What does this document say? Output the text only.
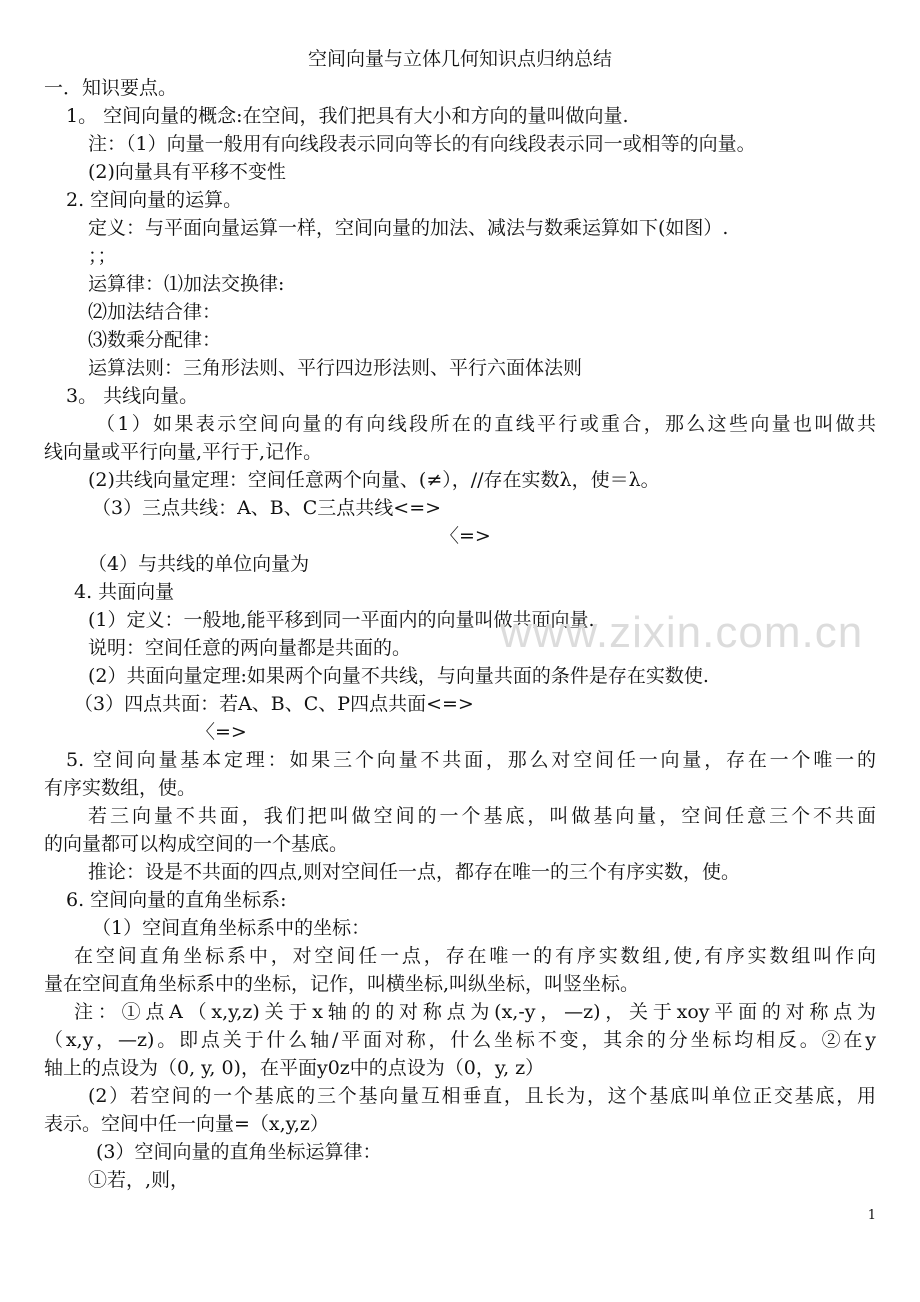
空间向量与立体几何知识点归纳总结
一．知识要点。
1。 空间向量的概念:在空间，我们把具有大小和方向的量叫做向量.
注：（1）向量一般用有向线段表示同向等长的有向线段表示同一或相等的向量。
(2)向量具有平移不变性
2. 空间向量的运算。
定义：与平面向量运算一样，空间向量的加法、减法与数乘运算如下(如图）.
；；
运算律：⑴加法交换律:
⑵加法结合律：
⑶数乘分配律：
运算法则：三角形法则、平行四边形法则、平行六面体法则
3。 共线向量。
（1）如果表示空间向量的有向线段所在的直线平行或重合，那么这些向量也叫做共
线向量或平行向量,平行于,记作。
(2)共线向量定理：空间任意两个向量、(≠），//存在实数λ，使＝λ。
（3）三点共线：A、B、C三点共线<=>
〈=>
（4）与共线的单位向量为
4. 共面向量
(1）定义：一般地,能平移到同一平面内的向量叫做共面向量.
说明：空间任意的两向量都是共面的。
(2）共面向量定理:如果两个向量不共线，与向量共面的条件是存在实数使.
（3）四点共面：若A、B、C、P四点共面<=>
〈=>
5. 空间向量基本定理：如果三个向量不共面，那么对空间任一向量，存在一个唯一的
有序实数组，使。
若三向量不共面，我们把叫做空间的一个基底，叫做基向量，空间任意三个不共面
的向量都可以构成空间的一个基底。
推论：设是不共面的四点,则对空间任一点，都存在唯一的三个有序实数，使。
6. 空间向量的直角坐标系:
（1）空间直角坐标系中的坐标：
在空间直角坐标系中，对空间任一点，存在唯一的有序实数组,使,有序实数组叫作向
量在空间直角坐标系中的坐标，记作，叫横坐标,叫纵坐标，叫竖坐标。
注：①点A（x,y,z)关于x轴的的对称点为(x,-y，—z)，关于xoy平面的对称点为
（x,y，—z)。即点关于什么轴/平面对称，什么坐标不变，其余的分坐标均相反。②在y
轴上的点设为（0, y, 0)，在平面y0z中的点设为（0，y, z）
(2）若空间的一个基底的三个基向量互相垂直，且长为，这个基底叫单位正交基底，用
表示。空间中任一向量=（x,y,z）
(3）空间向量的直角坐标运算律：
①若，,则，
www.zixin.com.cn
1
